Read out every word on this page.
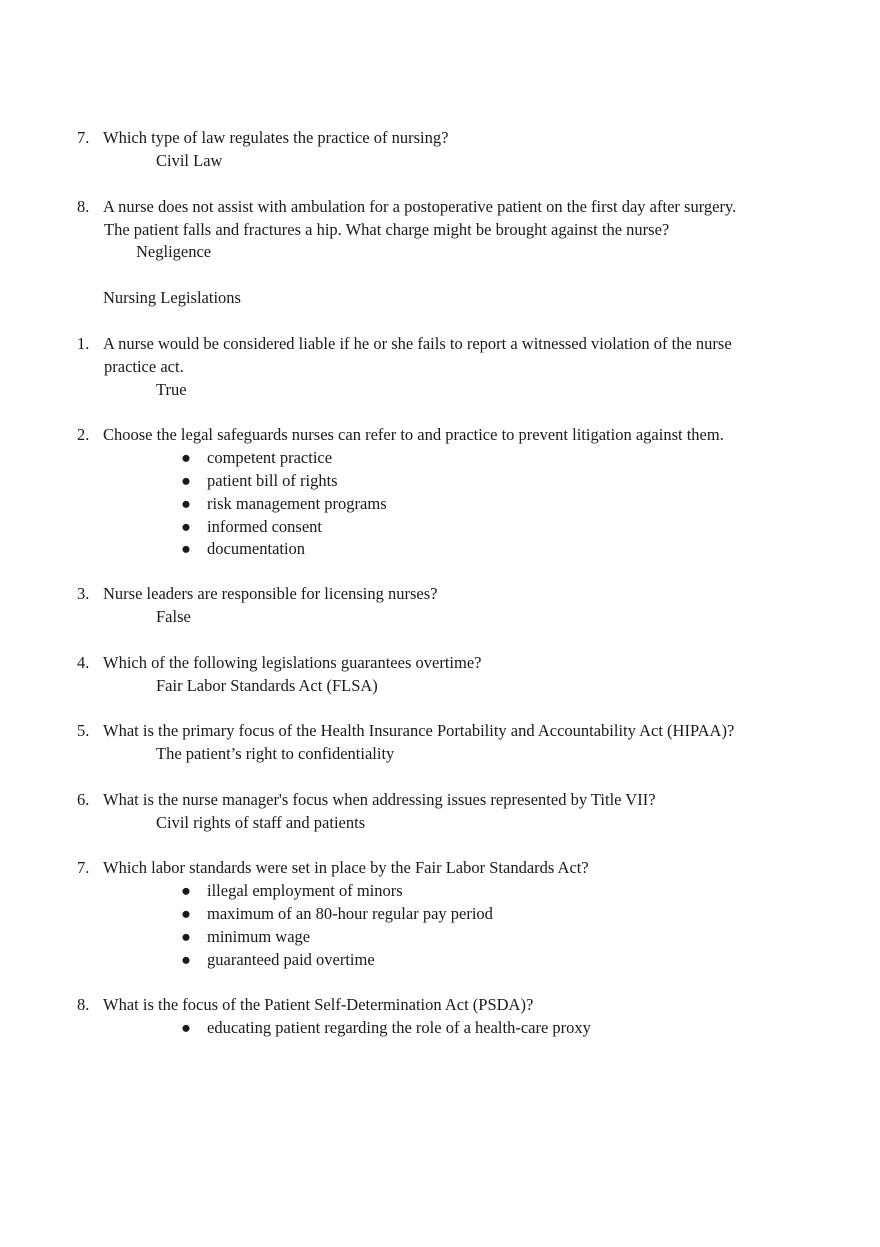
7. Which type of law regulates the practice of nursing?
Civil Law
8. A nurse does not assist with ambulation for a postoperative patient on the first day after surgery.
The patient falls and fractures a hip. What charge might be brought against the nurse?
Negligence
Nursing Legislations
1. A nurse would be considered liable if he or she fails to report a witnessed violation of the nurse
practice act.
True
2. Choose the legal safeguards nurses can refer to and practice to prevent litigation against them.
● competent practice
● patient bill of rights
● risk management programs
● informed consent
● documentation
3. Nurse leaders are responsible for licensing nurses?
False
4. Which of the following legislations guarantees overtime?
Fair Labor Standards Act (FLSA)
5. What is the primary focus of the Health Insurance Portability and Accountability Act (HIPAA)?
The patient’s right to confidentiality
6. What is the nurse manager's focus when addressing issues represented by Title VII?
Civil rights of staff and patients
7. Which labor standards were set in place by the Fair Labor Standards Act?
● illegal employment of minors
● maximum of an 80-hour regular pay period
● minimum wage
● guaranteed paid overtime
8. What is the focus of the Patient Self-Determination Act (PSDA)?
● educating patient regarding the role of a health-care proxy
